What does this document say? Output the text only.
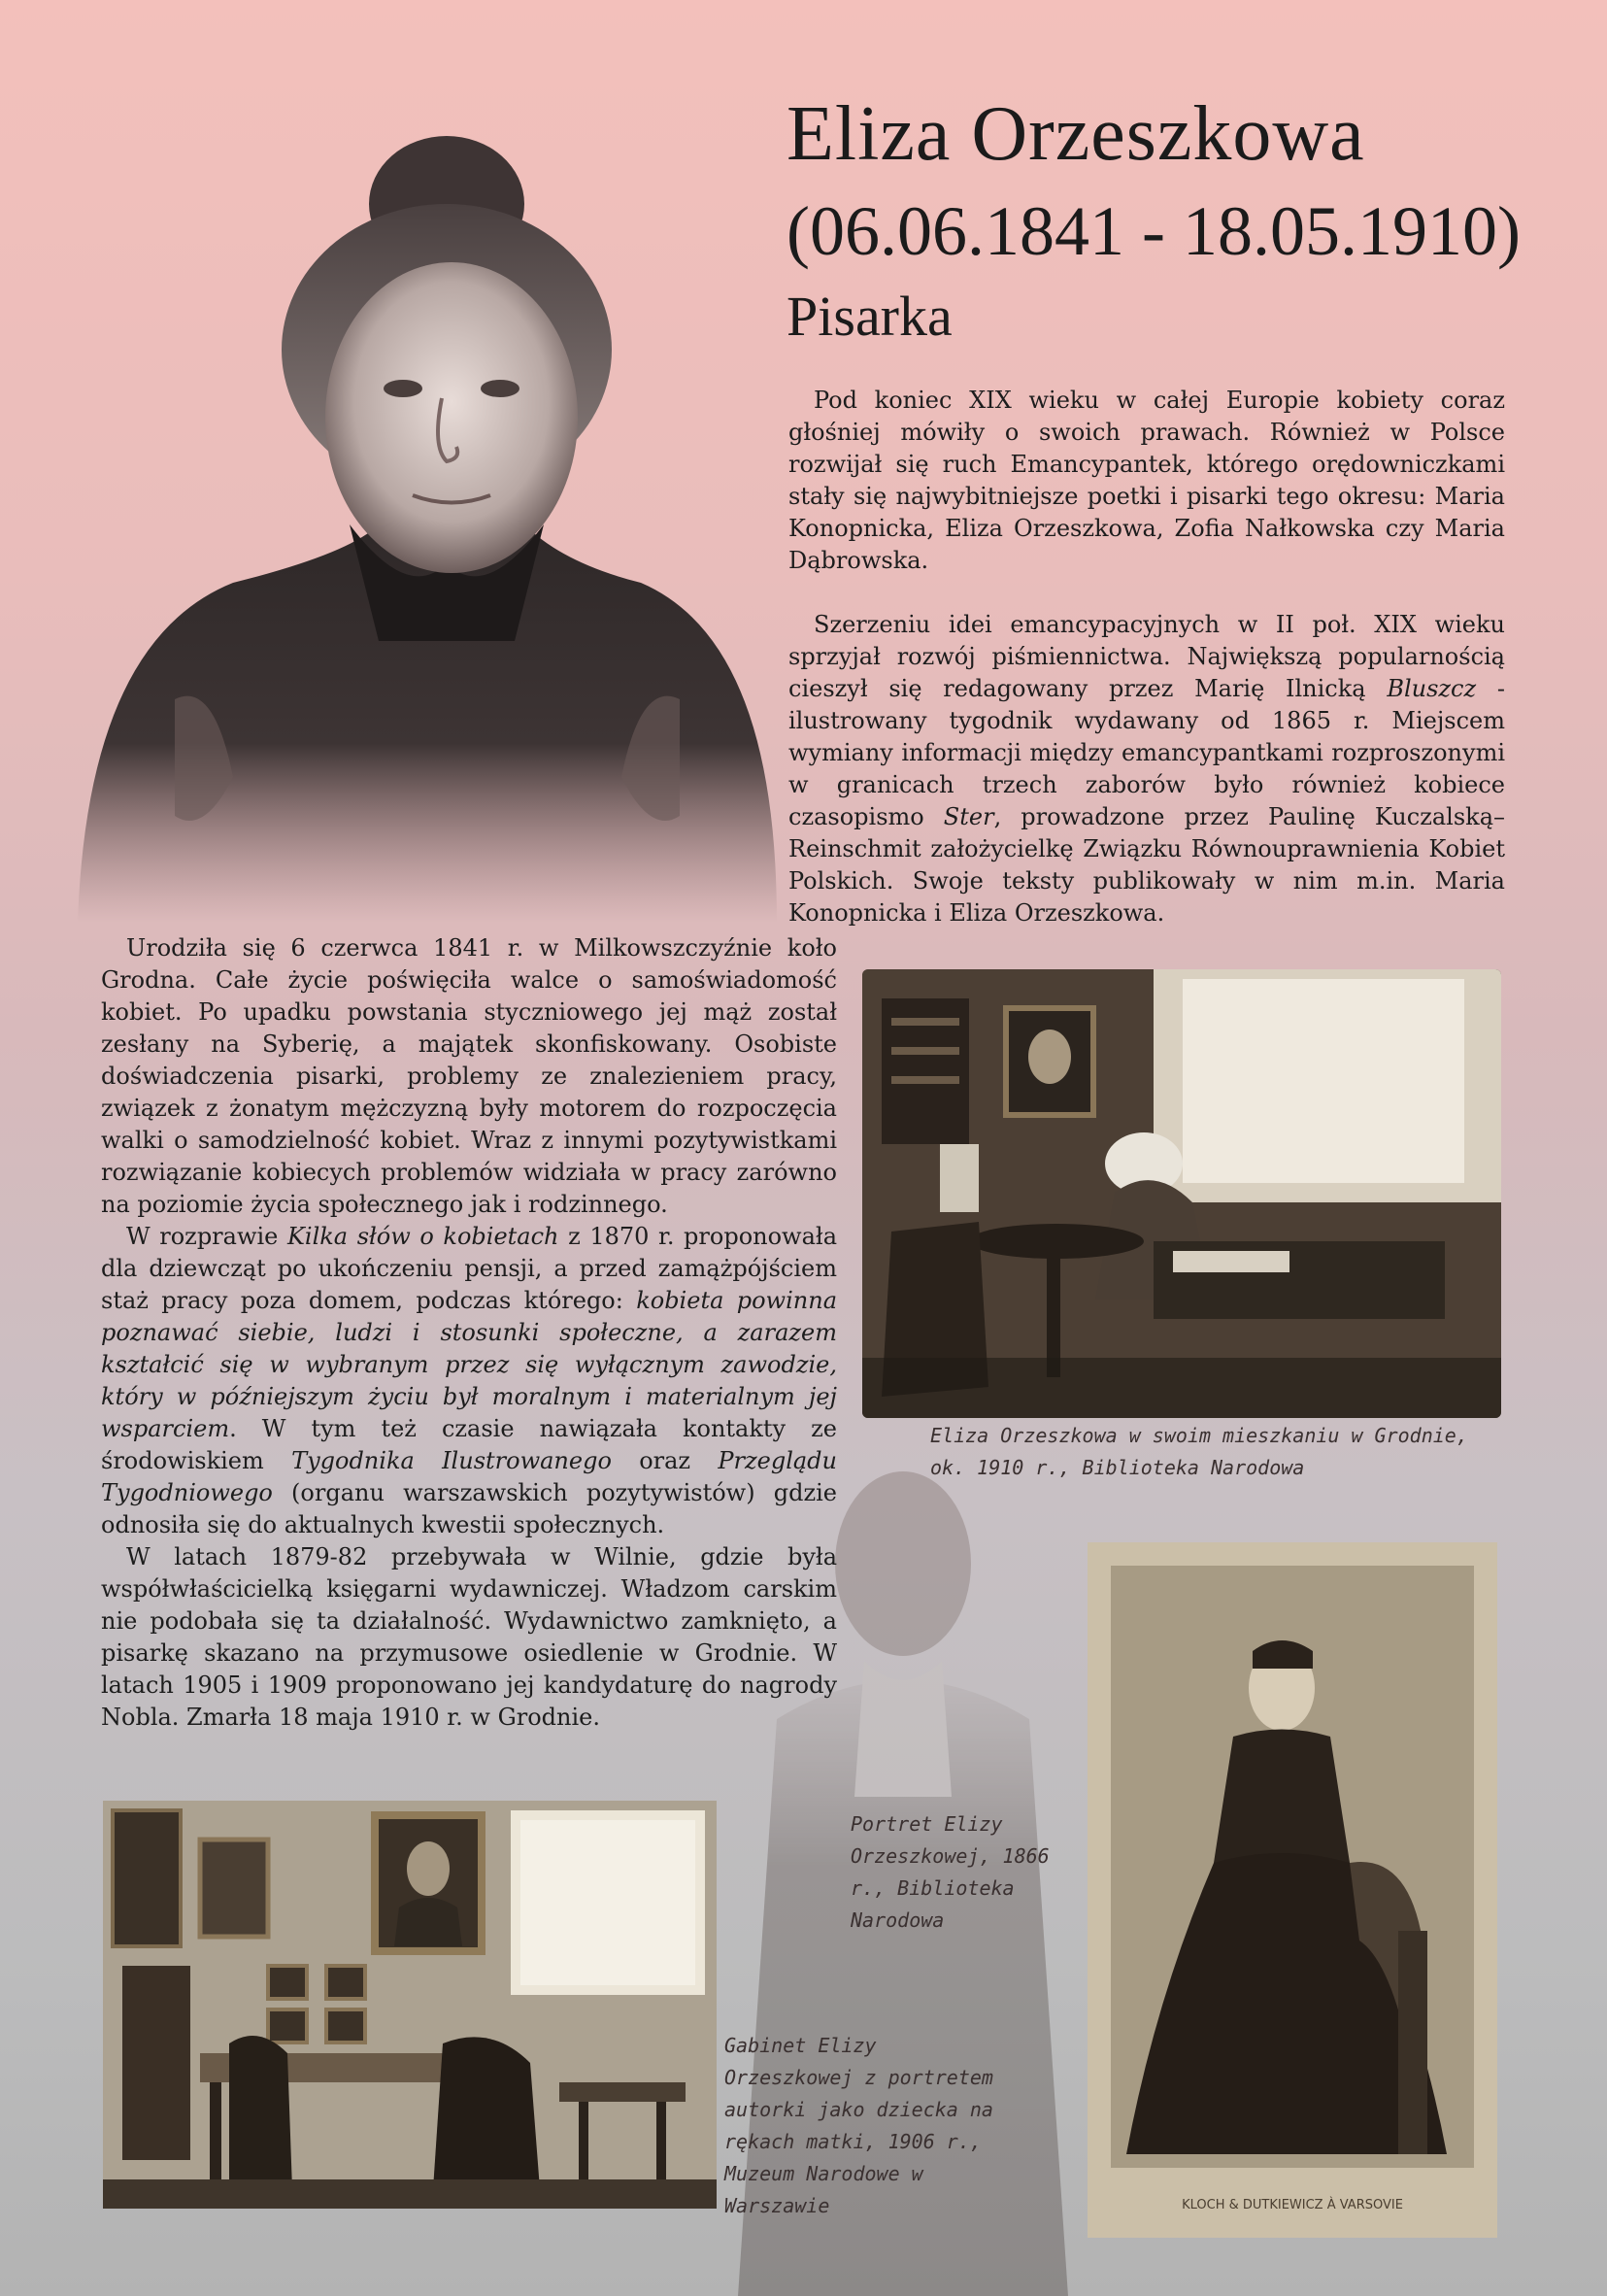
Eliza Orzeszkowa
(06.06.1841 - 18.05.1910)
Pisarka

Pod koniec XIX wieku w całej Europie kobiety coraz głośniej mówiły o swoich prawach. Również w Polsce rozwijał się ruch Emancypantek, którego orędowniczkami stały się najwybitniejsze poetki i pisarki tego okresu: Maria Konopnicka, Eliza Orzeszkowa, Zofia Nałkowska czy Maria Dąbrowska.

Szerzeniu idei emancypacyjnych w II poł. XIX wieku sprzyjał rozwój piśmiennictwa. Największą popularnością cieszył się redagowany przez Marię Ilnicką Bluszcz - ilustrowany tygodnik wydawany od 1865 r. Miejscem wymiany informacji między emancypantkami rozproszonymi w granicach trzech zaborów było również kobiece czasopismo Ster, prowadzone przez Paulinę Kuczalską–Reinschmit założycielkę Związku Równouprawnienia Kobiet Polskich. Swoje teksty publikowały w nim m.in. Maria Konopnicka i Eliza Orzeszkowa.

Urodziła się 6 czerwca 1841 r. w Milkowszczyźnie koło Grodna. Całe życie poświęciła walce o samoświadomość kobiet. Po upadku powstania styczniowego jej mąż został zesłany na Syberię, a majątek skonfiskowany. Osobiste doświadczenia pisarki, problemy ze znalezieniem pracy, związek z żonatym mężczyzną były motorem do rozpoczęcia walki o samodzielność kobiet. Wraz z innymi pozytywistkami rozwiązanie kobiecych problemów widziała w pracy zarówno na poziomie życia społecznego jak i rodzinnego.

W rozprawie Kilka słów o kobietach z 1870 r. proponowała dla dziewcząt po ukończeniu pensji, a przed zamążpójściem staż pracy poza domem, podczas którego: kobieta powinna poznawać siebie, ludzi i stosunki społeczne, a zarazem kształcić się w wybranym przez się wyłącznym zawodzie, który w późniejszym życiu był moralnym i materialnym jej wsparciem. W tym też czasie nawiązała kontakty ze środowiskiem Tygodnika Ilustrowanego oraz Przeglądu Tygodniowego (organu warszawskich pozytywistów) gdzie odnosiła się do aktualnych kwestii społecznych.

W latach 1879-82 przebywała w Wilnie, gdzie była współwłaścicielką księgarni wydawniczej. Władzom carskim nie podobała się ta działalność. Wydawnictwo zamknięto, a pisarkę skazano na przymusowe osiedlenie w Grodnie. W latach 1905 i 1909 proponowano jej kandydaturę do nagrody Nobla. Zmarła 18 maja 1910 r. w Grodnie.

Eliza Orzeszkowa w swoim mieszkaniu w Grodnie, ok. 1910 r., Biblioteka Narodowa
Gabinet Elizy Orzeszkowej z portretem autorki jako dziecka na rękach matki, 1906 r., Muzeum Narodowe w Warszawie	KLOCH & DUTKIEWICZ À VARSOVIE
Portret Elizy Orzeszkowej, 1866 r., Biblioteka Narodowa
